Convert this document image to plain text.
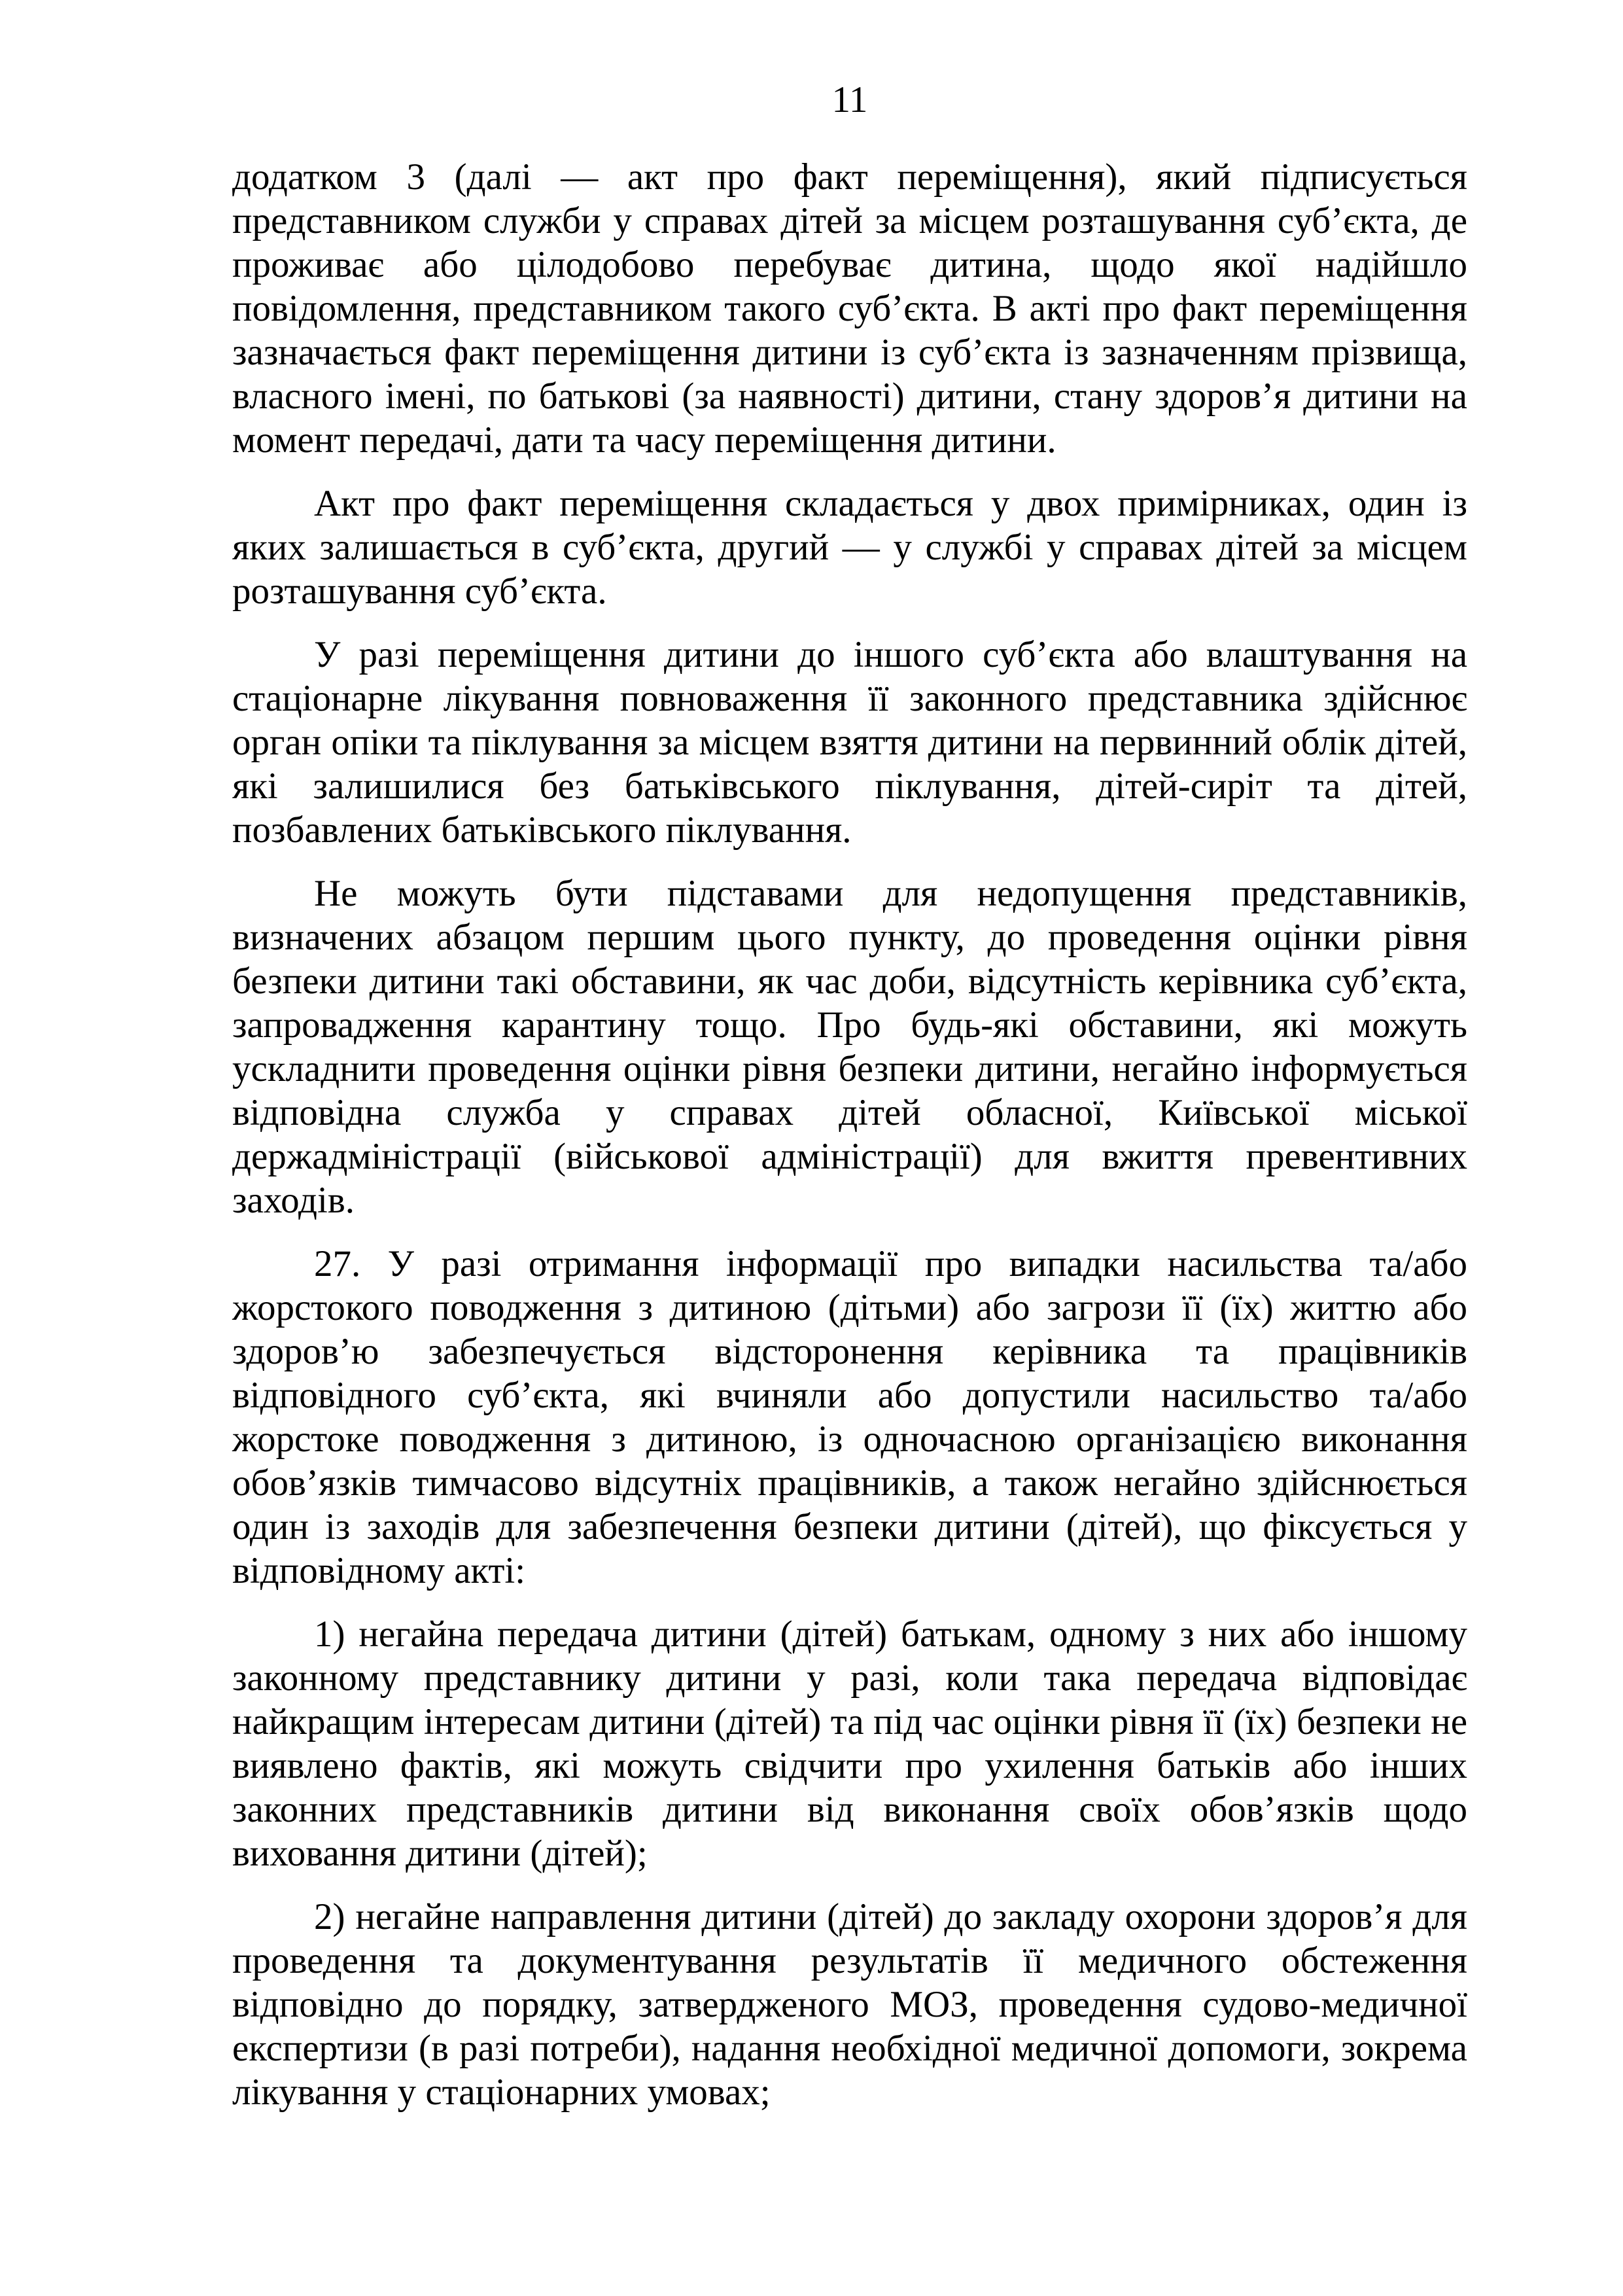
11

додатком 3 (далі — акт про факт переміщення), який підписується представником служби у справах дітей за місцем розташування суб’єкта, де проживає або цілодобово перебуває дитина, щодо якої надійшло повідомлення, представником такого суб’єкта. В акті про факт переміщення зазначається факт переміщення дитини із суб’єкта із зазначенням прізвища, власного імені, по батькові (за наявності) дитини, стану здоров’я дитини на момент передачі, дати та часу переміщення дитини.

Акт про факт переміщення складається у двох примірниках, один із яких залишається в суб’єкта, другий — у службі у справах дітей за місцем розташування суб’єкта.

У разі переміщення дитини до іншого суб’єкта або влаштування на стаціонарне лікування повноваження її законного представника здійснює орган опіки та піклування за місцем взяття дитини на первинний облік дітей, які залишилися без батьківського піклування, дітей-сиріт та дітей, позбавлених батьківського піклування.

Не можуть бути підставами для недопущення представників, визначених абзацом першим цього пункту, до проведення оцінки рівня безпеки дитини такі обставини, як час доби, відсутність керівника суб’єкта, запровадження карантину тощо. Про будь-які обставини, які можуть ускладнити проведення оцінки рівня безпеки дитини, негайно інформується відповідна служба у справах дітей обласної, Київської міської держадміністрації (військової адміністрації) для вжиття превентивних заходів.

27. У разі отримання інформації про випадки насильства та/або жорстокого поводження з дитиною (дітьми) або загрози її (їх) життю або здоров’ю забезпечується відсторонення керівника та працівників відповідного суб’єкта, які вчиняли або допустили насильство та/або жорстоке поводження з дитиною, із одночасною організацією виконання обов’язків тимчасово відсутніх працівників, а також негайно здійснюється один із заходів для забезпечення безпеки дитини (дітей), що фіксується у відповідному акті:

1) негайна передача дитини (дітей) батькам, одному з них або іншому законному представнику дитини у разі, коли така передача відповідає найкращим інтересам дитини (дітей) та під час оцінки рівня її (їх) безпеки не виявлено фактів, які можуть свідчити про ухилення батьків або інших законних представників дитини від виконання своїх обов’язків щодо виховання дитини (дітей);

2) негайне направлення дитини (дітей) до закладу охорони здоров’я для проведення та документування результатів її медичного обстеження відповідно до порядку, затвердженого МОЗ, проведення судово-медичної експертизи (в разі потреби), надання необхідної медичної допомоги, зокрема лікування у стаціонарних умовах;
